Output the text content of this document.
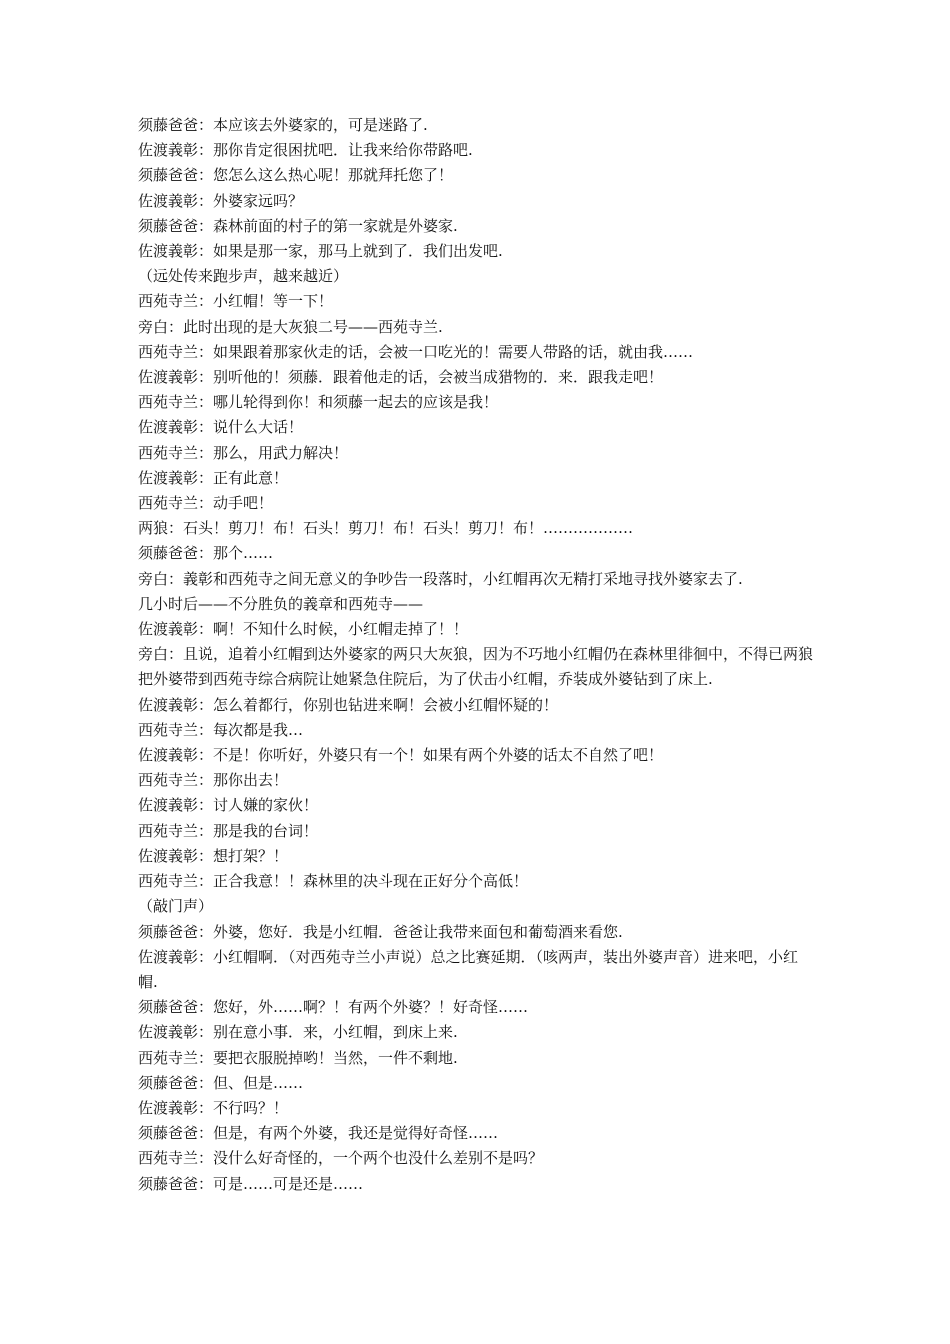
须藤爸爸：本应该去外婆家的，可是迷路了.

佐渡義彰：那你肯定很困扰吧．让我来给你带路吧.

须藤爸爸：您怎么这么热心呢！那就拜托您了！

佐渡義彰：外婆家远吗？

须藤爸爸：森林前面的村子的第一家就是外婆家.

佐渡義彰：如果是那一家，那马上就到了．我们出发吧.

（远处传来跑步声，越来越近）

西苑寺兰：小红帽！等一下！

旁白：此时出现的是大灰狼二号——西苑寺兰.

西苑寺兰：如果跟着那家伙走的话，会被一口吃光的！需要人带路的话，就由我……

佐渡義彰：别听他的！须藤．跟着他走的话，会被当成猎物的．来．跟我走吧！

西苑寺兰：哪儿轮得到你！和须藤一起去的应该是我！

佐渡義彰：说什么大话！

西苑寺兰：那么，用武力解决！

佐渡義彰：正有此意！

西苑寺兰：动手吧！

两狼：石头！剪刀！布！石头！剪刀！布！石头！剪刀！布！………………

须藤爸爸：那个……

旁白：義彰和西苑寺之间无意义的争吵告一段落时，小红帽再次无精打采地寻找外婆家去了.

几小时后——不分胜负的義章和西苑寺——

佐渡義彰：啊！不知什么时候，小红帽走掉了！！

旁白：且说，追着小红帽到达外婆家的两只大灰狼，因为不巧地小红帽仍在森林里徘徊中，不得已两狼把外婆带到西苑寺综合病院让她紧急住院后，为了伏击小红帽，乔装成外婆钻到了床上.

佐渡義彰：怎么着都行，你别也钻进来啊！会被小红帽怀疑的！

西苑寺兰：每次都是我…

佐渡義彰：不是！你听好，外婆只有一个！如果有两个外婆的话太不自然了吧！

西苑寺兰：那你出去！

佐渡義彰：讨人嫌的家伙！

西苑寺兰：那是我的台词！

佐渡義彰：想打架？！

西苑寺兰：正合我意！！森林里的决斗现在正好分个高低！

（敲门声）

须藤爸爸：外婆，您好．我是小红帽．爸爸让我带来面包和葡萄酒来看您.

佐渡義彰：小红帽啊．（对西苑寺兰小声说）总之比赛延期．（咳两声，装出外婆声音）进来吧，小红帽.

须藤爸爸：您好，外……啊？！有两个外婆？！好奇怪……

佐渡義彰：别在意小事．来，小红帽，到床上来.

西苑寺兰：要把衣服脱掉哟！当然，一件不剩地.

须藤爸爸：但、但是……

佐渡義彰：不行吗？！

须藤爸爸：但是，有两个外婆，我还是觉得好奇怪……

西苑寺兰：没什么好奇怪的，一个两个也没什么差别不是吗？

须藤爸爸：可是……可是还是……
